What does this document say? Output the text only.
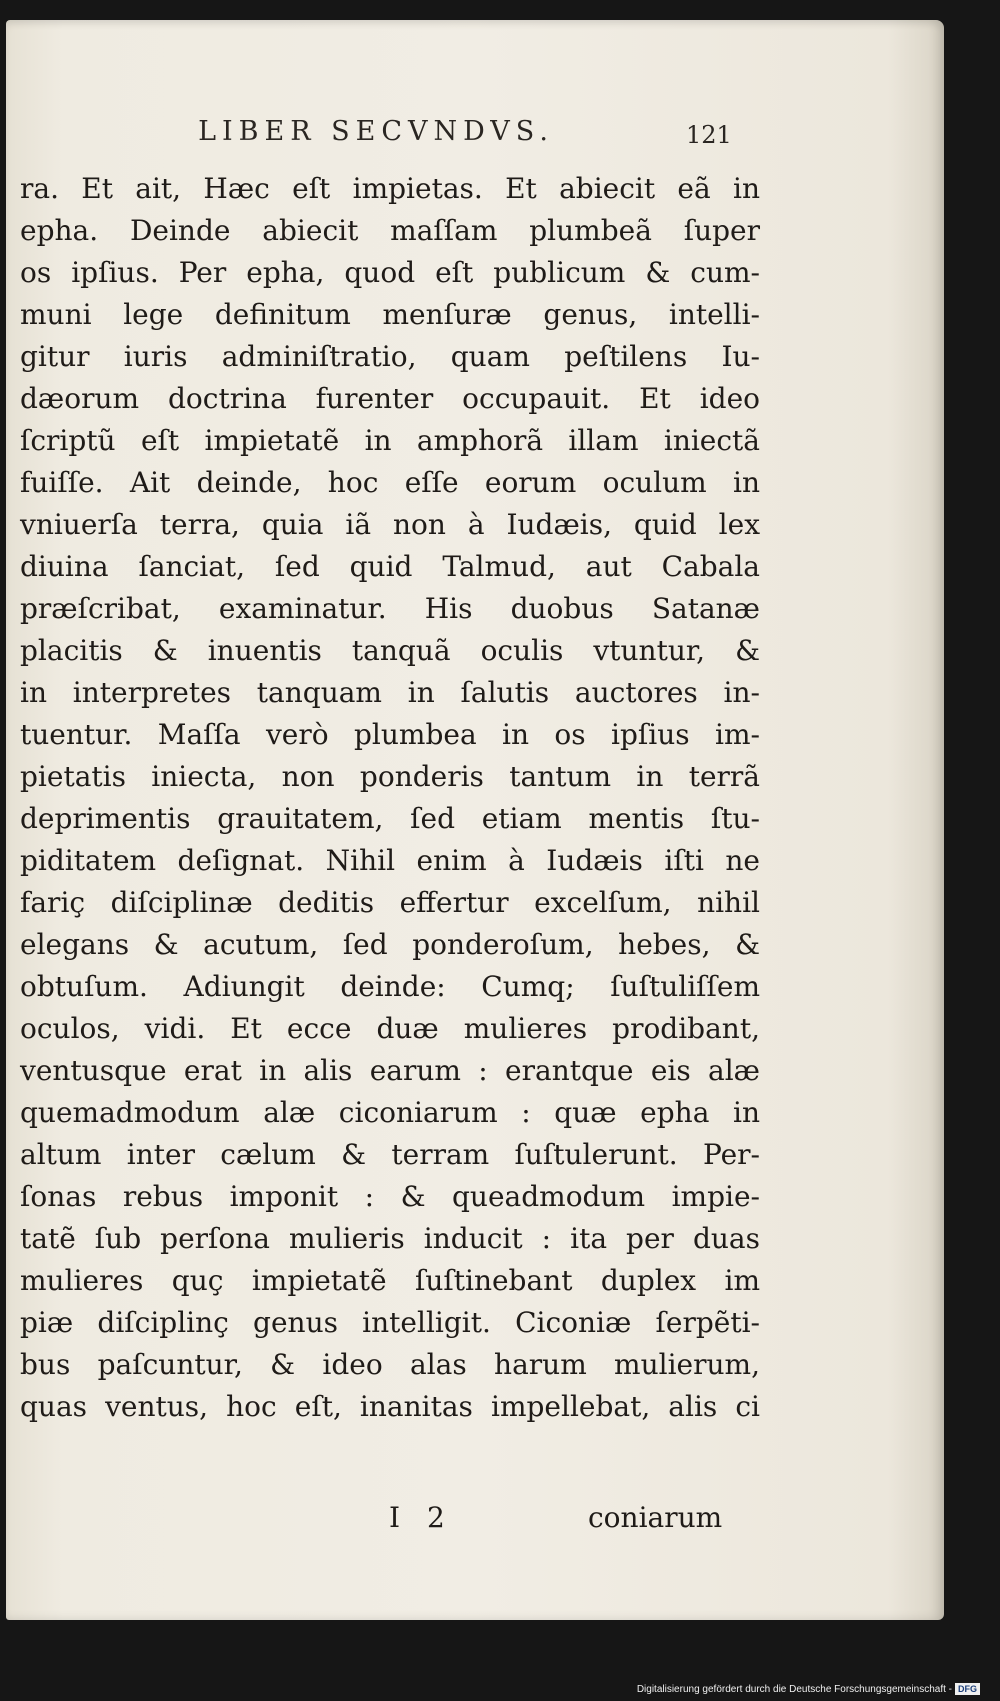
LIBER SECVNDVS.	121
ra. Et ait, Hæc eſt impietas. Et abiecit eã in
epha. Deinde abiecit maſſam plumbeã ſuper
os ipſius. Per epha, quod eſt publicum & cum-
muni lege definitum menſuræ genus, intelli-
gitur iuris adminiſtratio, quam peſtilens Iu-
dæorum doctrina furenter occupauit. Et ideo
ſcriptũ eſt impietatẽ in amphorã illam iniectã
fuiſſe. Ait deinde, hoc eſſe eorum oculum in
vniuerſa terra, quia iã non à Iudæis, quid lex
diuina ſanciat, ſed quid Talmud, aut Cabala
præſcribat, examinatur. His duobus Satanæ
placitis & inuentis tanquã oculis vtuntur, &
in interpretes tanquam in ſalutis auctores in-
tuentur. Maſſa verò plumbea in os ipſius im-
pietatis iniecta, non ponderis tantum in terrã
deprimentis grauitatem, ſed etiam mentis ſtu-
piditatem deſignat. Nihil enim à Iudæis iſti ne
fariç diſciplinæ deditis effertur excelſum, nihil
elegans & acutum, ſed ponderoſum, hebes, &
obtuſum. Adiungit deinde: Cumq; ſuſtuliſſem
oculos, vidi. Et ecce duæ mulieres prodibant,
ventusque erat in alis earum : erantque eis alæ
quemadmodum alæ ciconiarum : quæ epha in
altum inter cælum & terram ſuſtulerunt. Per-
ſonas rebus imponit : & queadmodum impie-
tatẽ ſub perſona mulieris inducit : ita per duas
mulieres quç impietatẽ ſuſtinebant duplex im
piæ diſciplinç genus intelligit. Ciconiæ ſerpẽti-
bus paſcuntur, & ideo alas harum mulierum,
quas ventus, hoc eſt, inanitas impellebat, alis ci
I 2	coniarum
Digitalisierung gefördert durch die Deutsche Forschungsgemeinschaft - DFG
